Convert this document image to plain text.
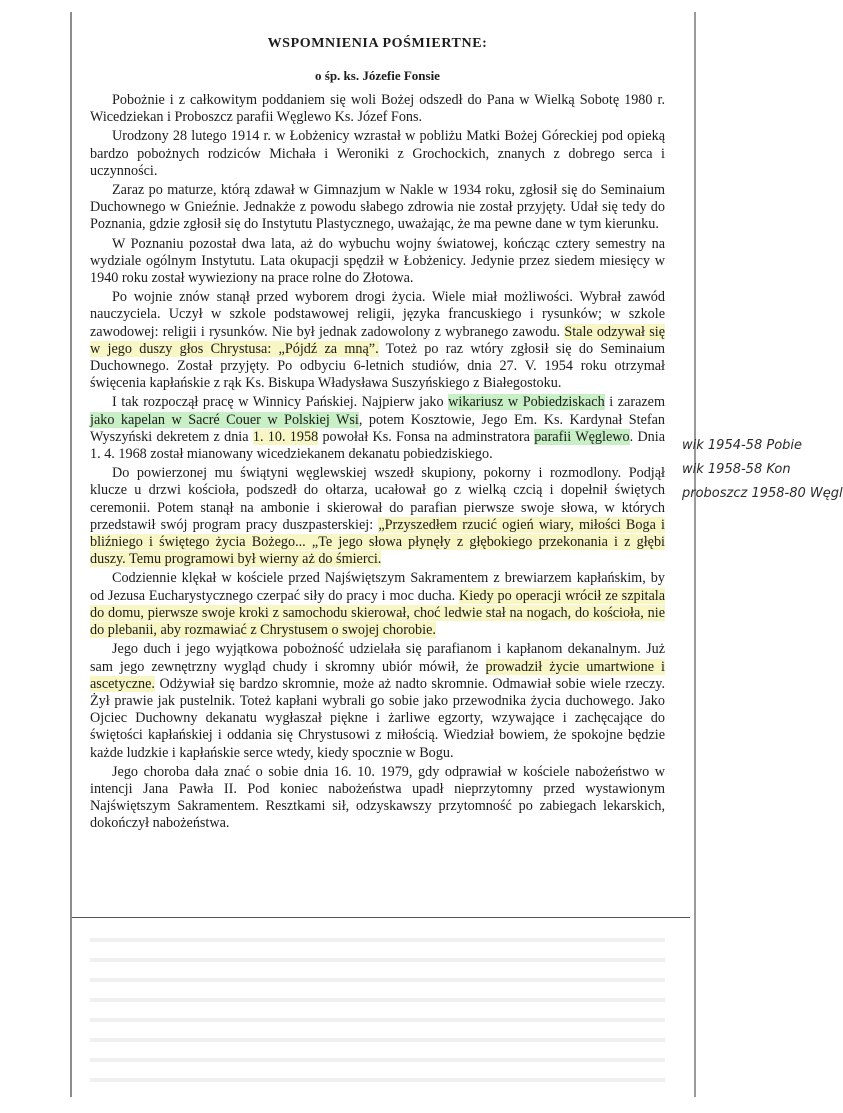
WSPOMNIENIA POŚMIERTNE:
o śp. ks. Józefie Fonsie

Pobożnie i z całkowitym poddaniem się woli Bożej odszedł do Pana w Wielką Sobotę 1980 r. Wicedziekan i Proboszcz parafii Węglewo Ks. Józef Fons.

Urodzony 28 lutego 1914 r. w Łobżenicy wzrastał w pobliżu Matki Bożej Góreckiej pod opieką bardzo pobożnych rodziców Michała i Weroniki z Grochockich, znanych z dobrego serca i uczynności.

Zaraz po maturze, którą zdawał w Gimnazjum w Nakle w 1934 roku, zgłosił się do Seminaium Duchownego w Gnieźnie. Jednakże z powodu słabego zdrowia nie został przyjęty. Udał się tedy do Poznania, gdzie zgłosił się do Instytutu Plastycznego, uważając, że ma pewne dane w tym kierunku.

W Poznaniu pozostał dwa lata, aż do wybuchu wojny światowej, kończąc cztery semestry na wydziale ogólnym Instytutu. Lata okupacji spędził w Łobżenicy. Jedynie przez siedem miesięcy w 1940 roku został wywieziony na prace rolne do Złotowa.

Po wojnie znów stanął przed wyborem drogi życia. Wiele miał możliwości. Wybrał zawód nauczyciela. Uczył w szkole podstawowej religii, języka francuskiego i rysunków; w szkole zawodowej: religii i rysunków. Nie był jednak zadowolony z wybranego zawodu. Stale odzywał się w jego duszy głos Chrystusa: „Pójdź za mną”. Toteż po raz wtóry zgłosił się do Seminaium Duchownego. Został przyjęty. Po odbyciu 6-letnich studiów, dnia 27. V. 1954 roku otrzymał święcenia kapłańskie z rąk Ks. Biskupa Władysława Suszyńskiego z Białegostoku.

I tak rozpoczął pracę w Winnicy Pańskiej. Najpierw jako wikariusz w Pobiedziskach i zarazem jako kapelan w Sacré Couer w Polskiej Wsi, potem Kosztowie, Jego Em. Ks. Kardynał Stefan Wyszyński dekretem z dnia 1. 10. 1958 powołał Ks. Fonsa na adminstratora parafii Węglewo. Dnia 1. 4. 1968 został mianowany wicedziekanem dekanatu pobiedziskiego.

Do powierzonej mu świątyni węglewskiej wszedł skupiony, pokorny i rozmodlony. Podjął klucze u drzwi kościoła, podszedł do ołtarza, ucałował go z wielką czcią i dopełnił świętych ceremonii. Potem stanął na ambonie i skierował do parafian pierwsze swoje słowa, w których przedstawił swój program pracy duszpasterskiej: „Przyszedłem rzucić ogień wiary, miłości Boga i bliźniego i świętego życia Bożego... „Te jego słowa płynęły z głębokiego przekonania i z głębi duszy. Temu programowi był wierny aż do śmierci.

Codziennie klękał w kościele przed Najświętszym Sakramentem z brewiarzem kapłańskim, by od Jezusa Eucharystycznego czerpać siły do pracy i moc ducha. Kiedy po operacji wrócił ze szpitala do domu, pierwsze swoje kroki z samochodu skierował, choć ledwie stał na nogach, do kościoła, nie do plebanii, aby rozmawiać z Chrystusem o swojej chorobie.

Jego duch i jego wyjątkowa pobożność udzielała się parafianom i kapłanom dekanalnym. Już sam jego zewnętrzny wygląd chudy i skromny ubiór mówił, że prowadził życie umartwione i ascetyczne. Odżywiał się bardzo skromnie, może aż nadto skromnie. Odmawiał sobie wiele rzeczy. Żył prawie jak pustelnik. Toteż kapłani wybrali go sobie jako przewodnika życia duchowego. Jako Ojciec Duchowny dekanatu wygłaszał piękne i żarliwe egzorty, wzywające i zachęcające do świętości kapłańskiej i oddania się Chrystusowi z miłością. Wiedział bowiem, że spokojne będzie każde ludzkie i kapłańskie serce wtedy, kiedy spocznie w Bogu.

Jego choroba dała znać o sobie dnia 16. 10. 1979, gdy odprawiał w kościele nabożeństwo w intencji Jana Pawła II. Pod koniec nabożeństwa upadł nieprzytomny przed wystawionym Najświętszym Sakramentem. Resztkami sił, odzyskawszy przytomność po zabiegach lekarskich, dokończył nabożeństwa.

wik 1954-58 Pobie
wik 1958-58 Kon
proboszcz 1958-80 Węgl
